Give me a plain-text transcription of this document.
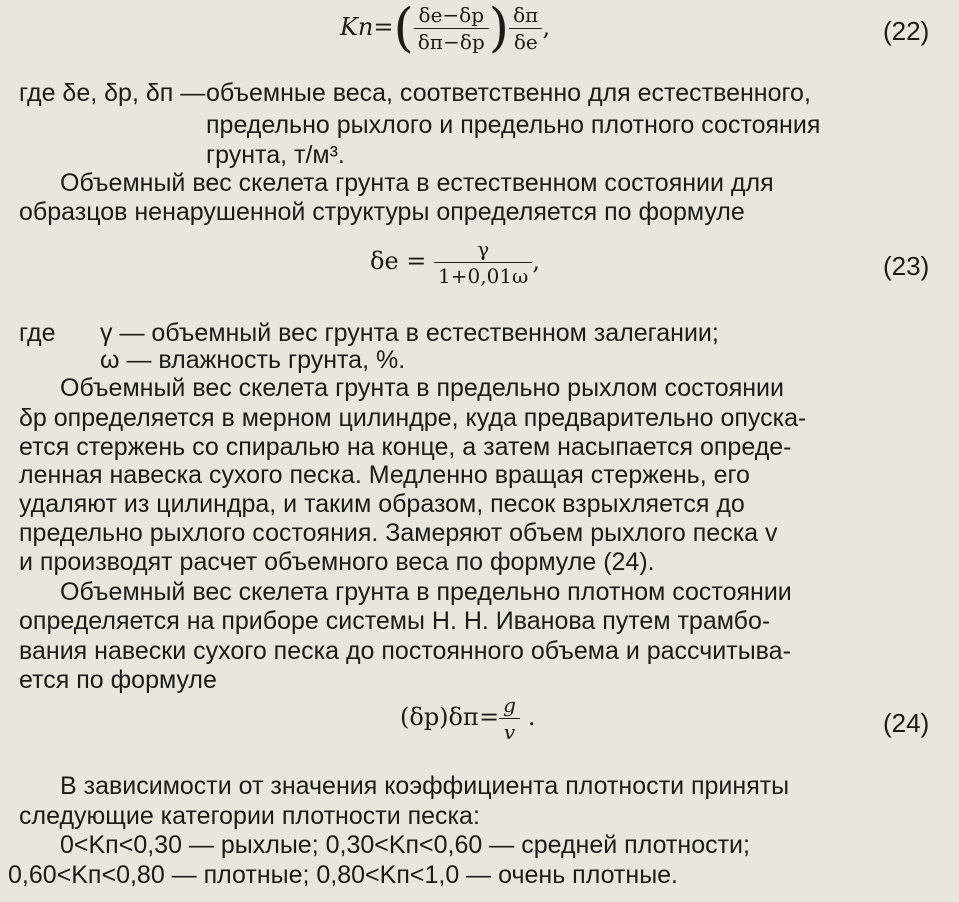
$Kп=( \frac{\delta e-\delta p}{\delta п-\delta p}$ ) $\frac{\delta п}{\delta e}$ ,	(22)
где δe, δp, δп — объемные веса, соответственно для естественного,
предельно рыхлого и предельно плотного состояния
грунта, т/м³.
Объемный вес скелета грунта в естественном состоянии для
образцов ненарушенной структуры определяется по формуле
$\delta e = \frac{\gamma}{1+0,01\omega}$ ,	(23)
где γ — объемный вес грунта в естественном залегании;
ω — влажность грунта, %.
Объемный вес скелета грунта в предельно рыхлом состоянии
δp определяется в мерном цилиндре, куда предварительно опуска-
ется стержень со спиралью на конце, а затем насыпается опреде-
ленная навеска сухого песка. Медленно вращая стержень, его
удаляют из цилиндра, и таким образом, песок взрыхляется до
предельно рыхлого состояния. Замеряют объем рыхлого песка v
и производят расчет объемного веса по формуле (24).
Объемный вес скелета грунта в предельно плотном состоянии
определяется на приборе системы Н. Н. Иванова путем трамбо-
вания навески сухого песка до постоянного объема и рассчитыва-
ется по формуле
$(\delta p)\delta п= \frac{g}{v}$ .	(24)
В зависимости от значения коэффициента плотности приняты
следующие категории плотности песка:
0<Kп<0,30 — рыхлые; 0,30<Kп<0,60 — средней плотности;
0,60<Kп<0,80 — плотные; 0,80<Kп<1,0 — очень плотные.
